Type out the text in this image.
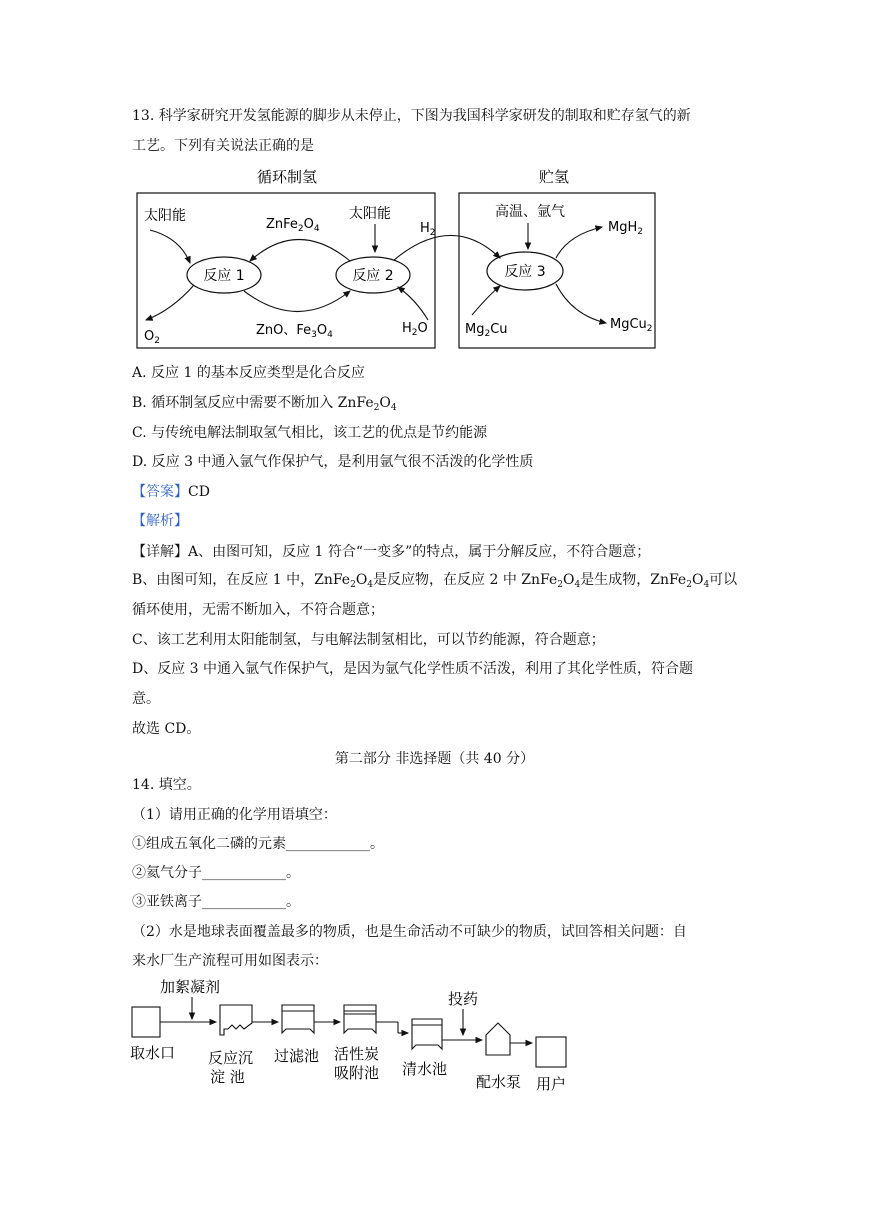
13. 科学家研究开发氢能源的脚步从未停止，下图为我国科学家研发的制取和贮存氢气的新
工艺。下列有关说法正确的是
循环制氢	贮氢
反应 1	反应 2	反应 3
太阳能	太阳能
$ZnFe_2O_4$
ZnO、$Fe_3O_4$
$O_2$
$H_2O$
$H_2$
高温、氩气
$Mg_2Cu$
MgH$_2$
MgCu$_2$
A. 反应 1 的基本反应类型是化合反应
B. 循环制氢反应中需要不断加入 $ZnFe_2O_4$
C. 与传统电解法制取氢气相比，该工艺的优点是节约能源
D. 反应 3 中通入氩气作保护气，是利用氩气很不活泼的化学性质
【答案】CD
【解析】
【详解】A、由图可知，反应 1 符合“一变多”的特点，属于分解反应，不符合题意；
B、由图可知，在反应 1 中，$ZnFe_2O_4$是反应物，在反应 2 中 $ZnFe_2O_4$是生成物，$ZnFe_2O_4$可以
循环使用，无需不断加入，不符合题意；
C、该工艺利用太阳能制氢，与电解法制氢相比，可以节约能源，符合题意；
D、反应 3 中通入氩气作保护气，是因为氩气化学性质不活泼，利用了其化学性质，符合题
意。
故选 CD。
第二部分 非选择题（共 40 分）
14. 填空。
（1）请用正确的化学用语填空：
①组成五氧化二磷的元素____________。
②氦气分子____________。
③亚铁离子____________。
（2）水是地球表面覆盖最多的物质，也是生命活动不可缺少的物质，试回答相关问题：自
来水厂生产流程可用如图表示：
加絮凝剂
投药
取水口 反应沉
淀 池
过滤池 活性炭
吸附池 清水池
配水泵 用户
